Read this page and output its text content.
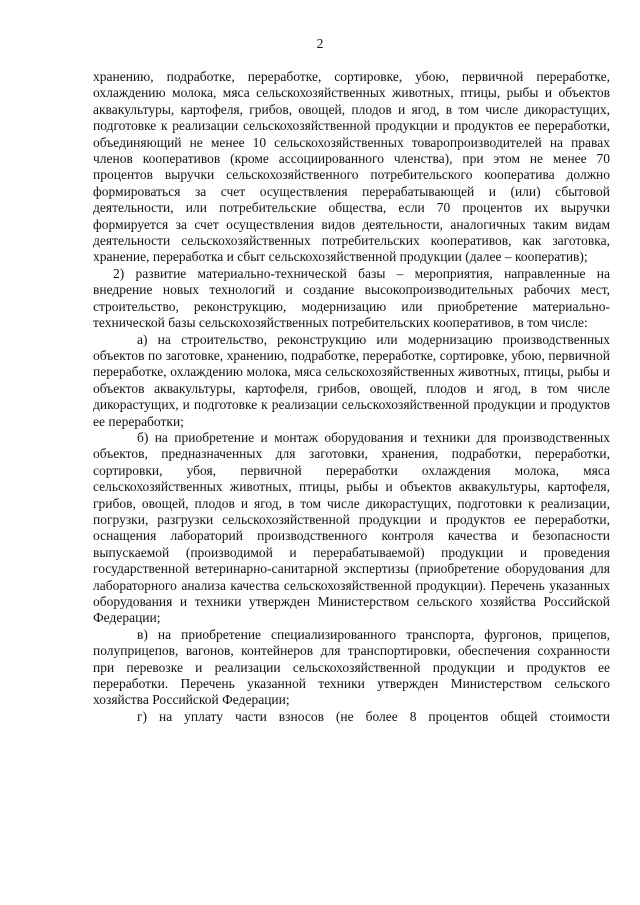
2

хранению, подработке, переработке, сортировке, убою, первичной переработке, охлаждению молока, мяса сельскохозяйственных животных, птицы, рыбы и объектов аквакультуры, картофеля, грибов, овощей, плодов и ягод, в том числе дикорастущих, подготовке к реализации сельскохозяйственной продукции и продуктов ее переработки, объединяющий не менее 10 сельскохозяйственных товаропроизводителей на правах членов кооперативов (кроме ассоциированного членства), при этом не менее 70 процентов выручки сельскохозяйственного потребительского кооператива должно формироваться за счет осуществления перерабатывающей и (или) сбытовой деятельности, или потребительские общества, если 70 процентов их выручки формируется за счет осуществления видов деятельности, аналогичных таким видам деятельности сельскохозяйственных потребительских кооперативов, как заготовка, хранение, переработка и сбыт сельскохозяйственной продукции (далее – кооператив);

2) развитие материально-технической базы – мероприятия, направленные на внедрение новых технологий и создание высокопроизводительных рабочих мест, строительство, реконструкцию, модернизацию или приобретение материально-технической базы сельскохозяйственных потребительских кооперативов, в том числе:

а) на строительство, реконструкцию или модернизацию производственных объектов по заготовке, хранению, подработке, переработке, сортировке, убою, первичной переработке, охлаждению молока, мяса сельскохозяйственных животных, птицы, рыбы и объектов аквакультуры, картофеля, грибов, овощей, плодов и ягод, в том числе дикорастущих, и подготовке к реализации сельскохозяйственной продукции и продуктов ее переработки;

б) на приобретение и монтаж оборудования и техники для производственных объектов, предназначенных для заготовки, хранения, подработки, переработки, сортировки, убоя, первичной переработки охлаждения молока, мяса сельскохозяйственных животных, птицы, рыбы и объектов аквакультуры, картофеля, грибов, овощей, плодов и ягод, в том числе дикорастущих, подготовки к реализации, погрузки, разгрузки сельскохозяйственной продукции и продуктов ее переработки, оснащения лабораторий производственного контроля качества и безопасности выпускаемой (производимой и перерабатываемой) продукции и проведения государственной ветеринарно-санитарной экспертизы (приобретение оборудования для лабораторного анализа качества сельскохозяйственной продукции). Перечень указанных оборудования и техники утвержден Министерством сельского хозяйства Российской Федерации;

в) на приобретение специализированного транспорта, фургонов, прицепов, полуприцепов, вагонов, контейнеров для транспортировки, обеспечения сохранности при перевозке и реализации сельскохозяйственной продукции и продуктов ее переработки. Перечень указанной техники утвержден Министерством сельского хозяйства Российской Федерации;

г) на уплату части взносов (не более 8 процентов общей стоимости
